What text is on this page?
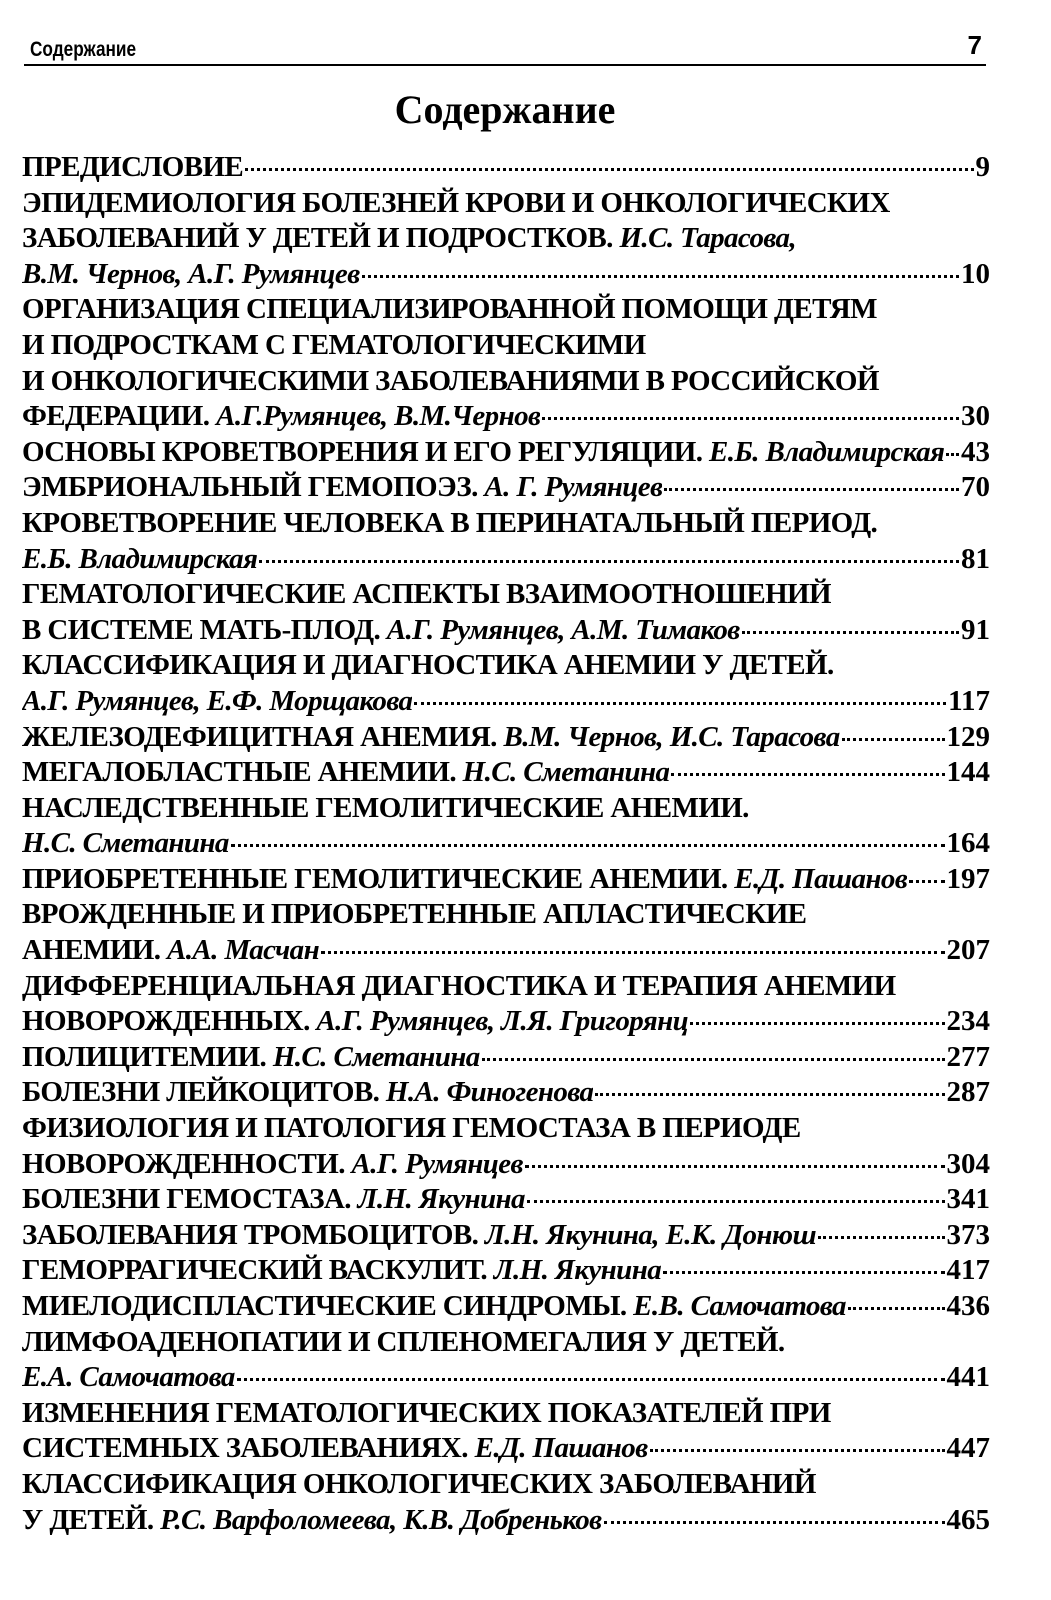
Содержание	7
Содержание
ПРЕДИСЛОВИЕ	9
ЭПИДЕМИОЛОГИЯ БОЛЕЗНЕЙ КРОВИ И ОНКОЛОГИЧЕСКИХ
ЗАБОЛЕВАНИЙ У ДЕТЕЙ И ПОДРОСТКОВ. И.С. Тарасова,
В.М. Чернов, А.Г. Румянцев	10
ОРГАНИЗАЦИЯ СПЕЦИАЛИЗИРОВАННОЙ ПОМОЩИ ДЕТЯМ
И ПОДРОСТКАМ С ГЕМАТОЛОГИЧЕСКИМИ
И ОНКОЛОГИЧЕСКИМИ ЗАБОЛЕВАНИЯМИ В РОССИЙСКОЙ
ФЕДЕРАЦИИ. А.Г.Румянцев, В.М.Чернов	30
ОСНОВЫ КРОВЕТВОРЕНИЯ И ЕГО РЕГУЛЯЦИИ. Е.Б. Владимирская 43
ЭМБРИОНАЛЬНЫЙ ГЕМОПОЭЗ. А. Г. Румянцев	70
КРОВЕТВОРЕНИЕ ЧЕЛОВЕКА В ПЕРИНАТАЛЬНЫЙ ПЕРИОД.
Е.Б. Владимирская	81
ГЕМАТОЛОГИЧЕСКИЕ АСПЕКТЫ ВЗАИМООТНОШЕНИЙ
В СИСТЕМЕ МАТЬ-ПЛОД. А.Г. Румянцев, А.М. Тимаков	91
КЛАССИФИКАЦИЯ И ДИАГНОСТИКА АНЕМИИ У ДЕТЕЙ.
А.Г. Румянцев, Е.Ф. Морщакова	117
ЖЕЛЕЗОДЕФИЦИТНАЯ АНЕМИЯ. В.М. Чернов, И.С. Тарасова	129
МЕГАЛОБЛАСТНЫЕ АНЕМИИ. Н.С. Сметанина	144
НАСЛЕДСТВЕННЫЕ ГЕМОЛИТИЧЕСКИЕ АНЕМИИ.
Н.С. Сметанина	164
ПРИОБРЕТЕННЫЕ ГЕМОЛИТИЧЕСКИЕ АНЕМИИ. Е.Д. Пашанов 197
ВРОЖДЕННЫЕ И ПРИОБРЕТЕННЫЕ АПЛАСТИЧЕСКИЕ
АНЕМИИ. А.А. Масчан	207
ДИФФЕРЕНЦИАЛЬНАЯ ДИАГНОСТИКА И ТЕРАПИЯ АНЕМИИ
НОВОРОЖДЕННЫХ. А.Г. Румянцев, Л.Я. Григорянц	234
ПОЛИЦИТЕМИИ. Н.С. Сметанина	277
БОЛЕЗНИ ЛЕЙКОЦИТОВ. Н.А. Финогенова	287
ФИЗИОЛОГИЯ И ПАТОЛОГИЯ ГЕМОСТАЗА В ПЕРИОДЕ
НОВОРОЖДЕННОСТИ. А.Г. Румянцев	304
БОЛЕЗНИ ГЕМОСТАЗА. Л.Н. Якунина	341
ЗАБОЛЕВАНИЯ ТРОМБОЦИТОВ. Л.Н. Якунина, Е.К. Донюш	373
ГЕМОРРАГИЧЕСКИЙ ВАСКУЛИТ. Л.Н. Якунина	417
МИЕЛОДИСПЛАСТИЧЕСКИЕ СИНДРОМЫ. Е.В. Самочатова	436
ЛИМФОАДЕНОПАТИИ И СПЛЕНОМЕГАЛИЯ У ДЕТЕЙ.
Е.А. Самочатова	441
ИЗМЕНЕНИЯ ГЕМАТОЛОГИЧЕСКИХ ПОКАЗАТЕЛЕЙ ПРИ
СИСТЕМНЫХ ЗАБОЛЕВАНИЯХ. Е.Д. Пашанов	447
КЛАССИФИКАЦИЯ ОНКОЛОГИЧЕСКИХ ЗАБОЛЕВАНИЙ
У ДЕТЕЙ. Р.С. Варфоломеева, К.В. Добреньков	465
